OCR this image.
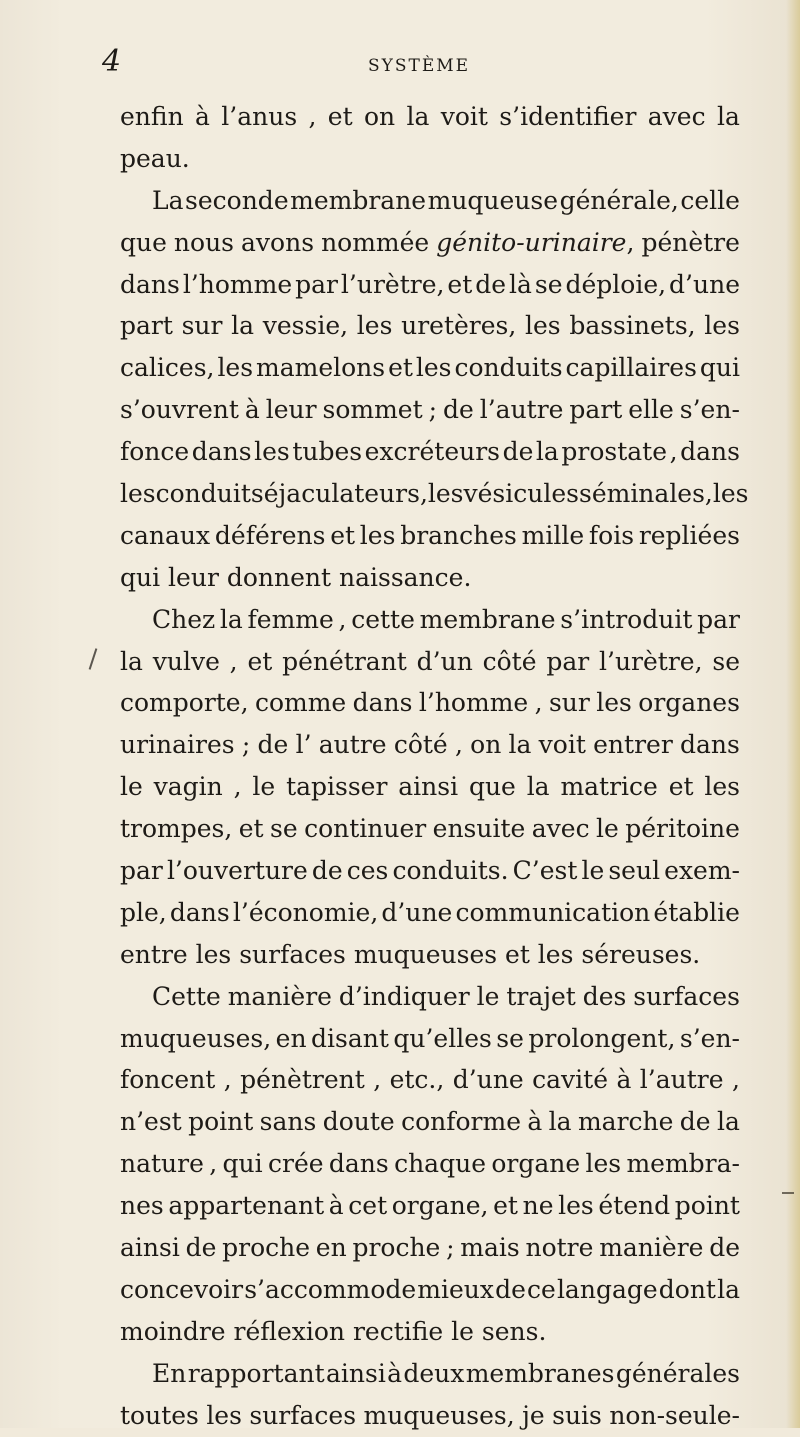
4	SYSTÈME
enfin à l’anus , et on la voit s’identifier avec la
peau.
La seconde membrane muqueuse générale, celle
que nous avons nommée génito-urinaire, pénètre
dans l’homme par l’urètre, et de là se déploie, d’une
part sur la vessie, les uretères, les bassinets, les
calices, les mamelons et les conduits capillaires qui
s’ouvrent à leur sommet ; de l’autre part elle s’en-
fonce dans les tubes excréteurs de la prostate , dans
les conduits éjaculateurs, les vésicules séminales, les
canaux déférens et les branches mille fois repliées
qui leur donnent naissance.
Chez la femme , cette membrane s’introduit par
la vulve , et pénétrant d’un côté par l’urètre, se
comporte, comme dans l’homme , sur les organes
urinaires ; de l’ autre côté , on la voit entrer dans
le vagin , le tapisser ainsi que la matrice et les
trompes, et se continuer ensuite avec le péritoine
par l’ouverture de ces conduits. C’est le seul exem-
ple, dans l’économie, d’une communication établie
entre les surfaces muqueuses et les séreuses.
Cette manière d’indiquer le trajet des surfaces
muqueuses, en disant qu’elles se prolongent, s’en-
foncent , pénètrent , etc., d’une cavité à l’autre ,
n’est point sans doute conforme à la marche de la
nature , qui crée dans chaque organe les membra-
nes appartenant à cet organe, et ne les étend point
ainsi de proche en proche ; mais notre manière de
concevoir s’accommode mieux de ce langage dont la
moindre réflexion rectifie le sens.
En rapportant ainsi à deux membranes générales
toutes les surfaces muqueuses, je suis non-seule-
